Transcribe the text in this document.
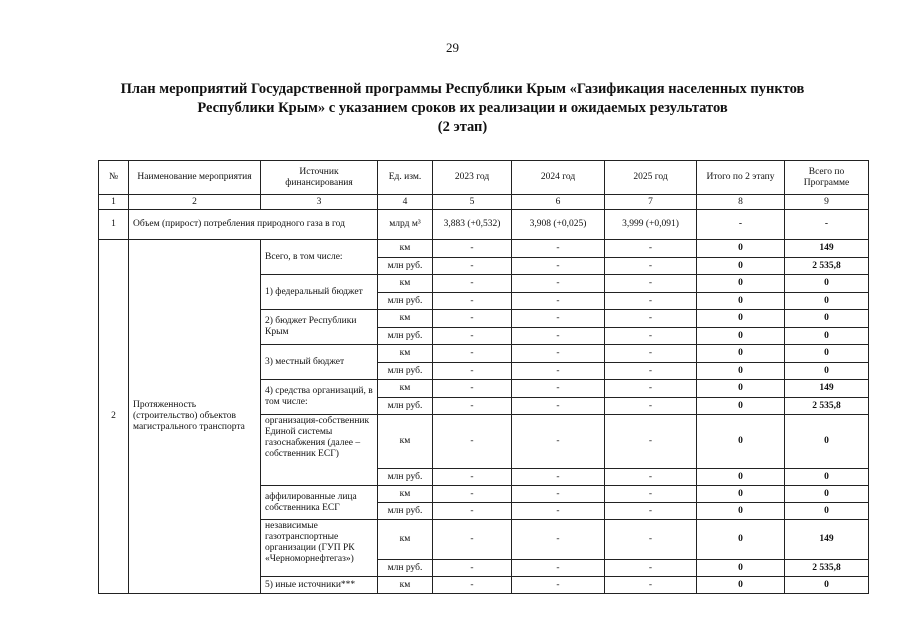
29
План мероприятий Государственной программы Республики Крым «Газификация населенных пунктов
Республики Крым» с указанием сроков их реализации и ожидаемых результатов
(2 этап)
№	Наименование мероприятия	Источник финансирования	Ед. изм.	2023 год	2024 год	2025 год	Итого по 2 этапу	Всего по Программе
1	2	3	4	5	6	7	8	9
1	Объем (прирост) потребления природного газа в год		млрд м³	3,883 (+0,532)	3,908 (+0,025)	3,999 (+0,091)	-	-
2	Протяженность (строительство) объектов магистрального транспорта	Всего, в том числе:	км	-	-	-	0	149
			млн руб.	-	-	-	0	2 535,8
		1) федеральный бюджет	км	-	-	-	0	0
			млн руб.	-	-	-	0	0
		2) бюджет Республики Крым	км	-	-	-	0	0
			млн руб.	-	-	-	0	0
		3) местный бюджет	км	-	-	-	0	0
			млн руб.	-	-	-	0	0
		4) средства организаций, в том числе:	км	-	-	-	0	149
			млн руб.	-	-	-	0	2 535,8
		организация-собственник Единой системы газоснабжения (далее – собственник ЕСГ)	км	-	-	-	0	0
			млн руб.	-	-	-	0	0
		аффилированные лица собственника ЕСГ	км	-	-	-	0	0
			млн руб.	-	-	-	0	0
		независимые газотранспортные организации (ГУП РК «Черноморнефтегаз»)	км	-	-	-	0	149
			млн руб.	-	-	-	0	2 535,8
		5) иные источники***	км	-	-	-	0	0
